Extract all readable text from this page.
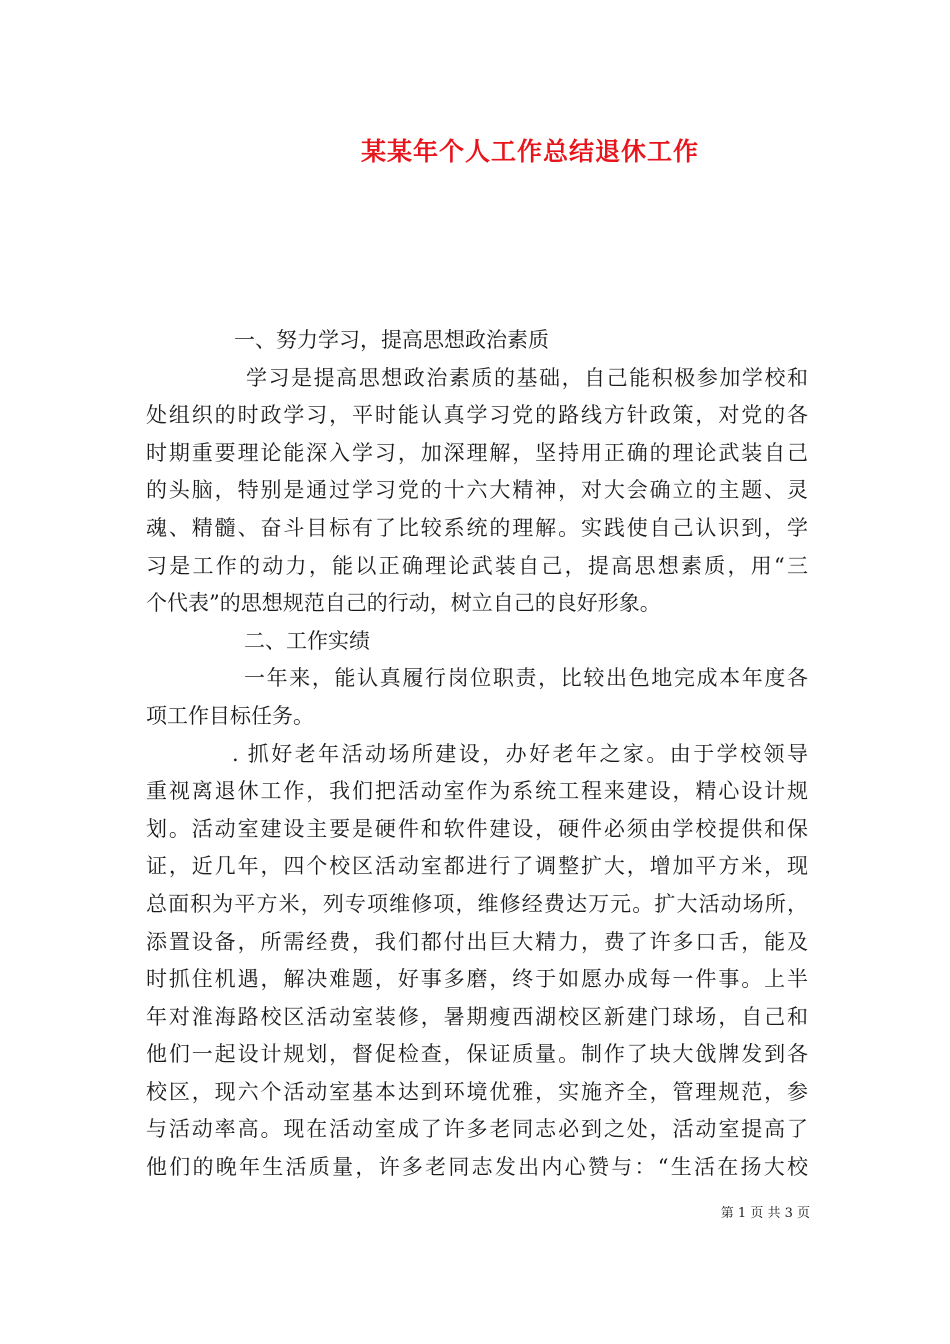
某某年个人工作总结退休工作

一、努力学习，提高思想政治素质

学习是提高思想政治素质的基础，自己能积极参加学校和

处组织的时政学习，平时能认真学习党的路线方针政策，对党的各

时期重要理论能深入学习，加深理解，坚持用正确的理论武装自己

的头脑，特别是通过学习党的十六大精神，对大会确立的主题、灵

魂、精髓、奋斗目标有了比较系统的理解。实践使自己认识到，学

习是工作的动力，能以正确理论武装自己，提高思想素质，用“三

个代表”的思想规范自己的行动，树立自己的良好形象。

二、工作实绩

一年来，能认真履行岗位职责，比较出色地完成本年度各

项工作目标任务。

. 抓好老年活动场所建设，办好老年之家。由于学校领导

重视离退休工作，我们把活动室作为系统工程来建设，精心设计规

划。活动室建设主要是硬件和软件建设，硬件必须由学校提供和保

证，近几年，四个校区活动室都进行了调整扩大，增加平方米，现

总面积为平方米，列专项维修项，维修经费达万元。扩大活动场所，

添置设备，所需经费，我们都付出巨大精力，费了许多口舌，能及

时抓住机遇，解决难题，好事多磨，终于如愿办成每一件事。上半

年对淮海路校区活动室装修，暑期瘦西湖校区新建门球场，自己和

他们一起设计规划，督促检查，保证质量。制作了块大戗牌发到各

校区，现六个活动室基本达到环境优雅，实施齐全，管理规范，参

与活动率高。现在活动室成了许多老同志必到之处，活动室提高了

他们的晚年生活质量，许多老同志发出内心赞与：“生活在扬大校

第 1 页 共 3 页
